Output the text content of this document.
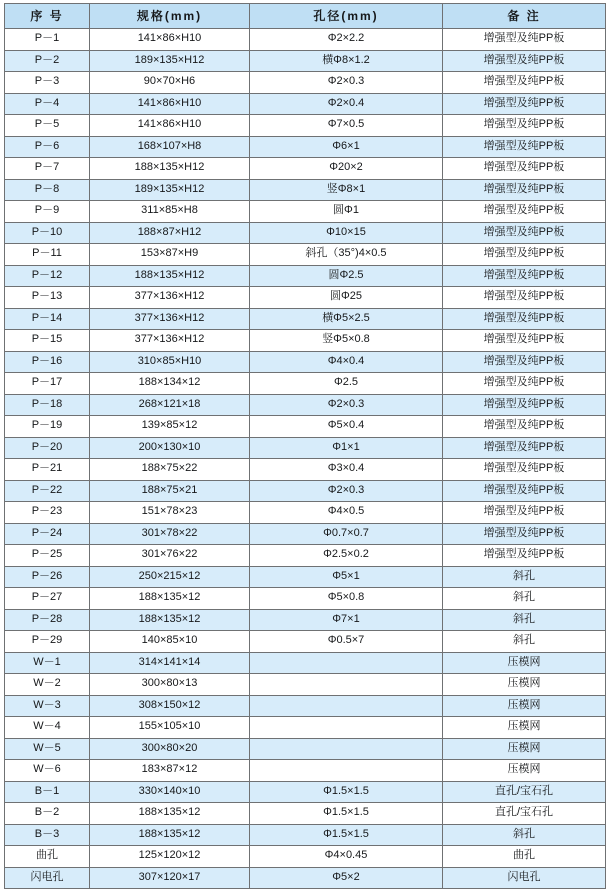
序 号	规格(mm)	孔径(mm)	备 注
P－1	141×86×H10	Φ2×2.2	增强型及纯PP板
P－2	189×135×H12	横Φ8×1.2	增强型及纯PP板
P－3	90×70×H6	Φ2×0.3	增强型及纯PP板
P－4	141×86×H10	Φ2×0.4	增强型及纯PP板
P－5	141×86×H10	Φ7×0.5	增强型及纯PP板
P－6	168×107×H8	Φ6×1	增强型及纯PP板
P－7	188×135×H12	Φ20×2	增强型及纯PP板
P－8	189×135×H12	竖Φ8×1	增强型及纯PP板
P－9	311×85×H8	圆Φ1	增强型及纯PP板
P－10	188×87×H12	Φ10×15	增强型及纯PP板
P－11	153×87×H9	斜孔（35°)4×0.5	增强型及纯PP板
P－12	188×135×H12	圆Φ2.5	增强型及纯PP板
P－13	377×136×H12	圆Φ25	增强型及纯PP板
P－14	377×136×H12	横Φ5×2.5	增强型及纯PP板
P－15	377×136×H12	竖Φ5×0.8	增强型及纯PP板
P－16	310×85×H10	Φ4×0.4	增强型及纯PP板
P－17	188×134×12	Φ2.5	增强型及纯PP板
P－18	268×121×18	Φ2×0.3	增强型及纯PP板
P－19	139×85×12	Φ5×0.4	增强型及纯PP板
P－20	200×130×10	Φ1×1	增强型及纯PP板
P－21	188×75×22	Φ3×0.4	增强型及纯PP板
P－22	188×75×21	Φ2×0.3	增强型及纯PP板
P－23	151×78×23	Φ4×0.5	增强型及纯PP板
P－24	301×78×22	Φ0.7×0.7	增强型及纯PP板
P－25	301×76×22	Φ2.5×0.2	增强型及纯PP板
P－26	250×215×12	Φ5×1	斜孔
P－27	188×135×12	Φ5×0.8	斜孔
P－28	188×135×12	Φ7×1	斜孔
P－29	140×85×10	Φ0.5×7	斜孔
W－1	314×141×14		压模网
W－2	300×80×13		压模网
W－3	308×150×12		压模网
W－4	155×105×10		压模网
W－5	300×80×20		压模网
W－6	183×87×12		压模网
B－1	330×140×10	Φ1.5×1.5	直孔/宝石孔
B－2	188×135×12	Φ1.5×1.5	直孔/宝石孔
B－3	188×135×12	Φ1.5×1.5	斜孔
曲孔	125×120×12	Φ4×0.45	曲孔
闪电孔	307×120×17	Φ5×2	闪电孔
